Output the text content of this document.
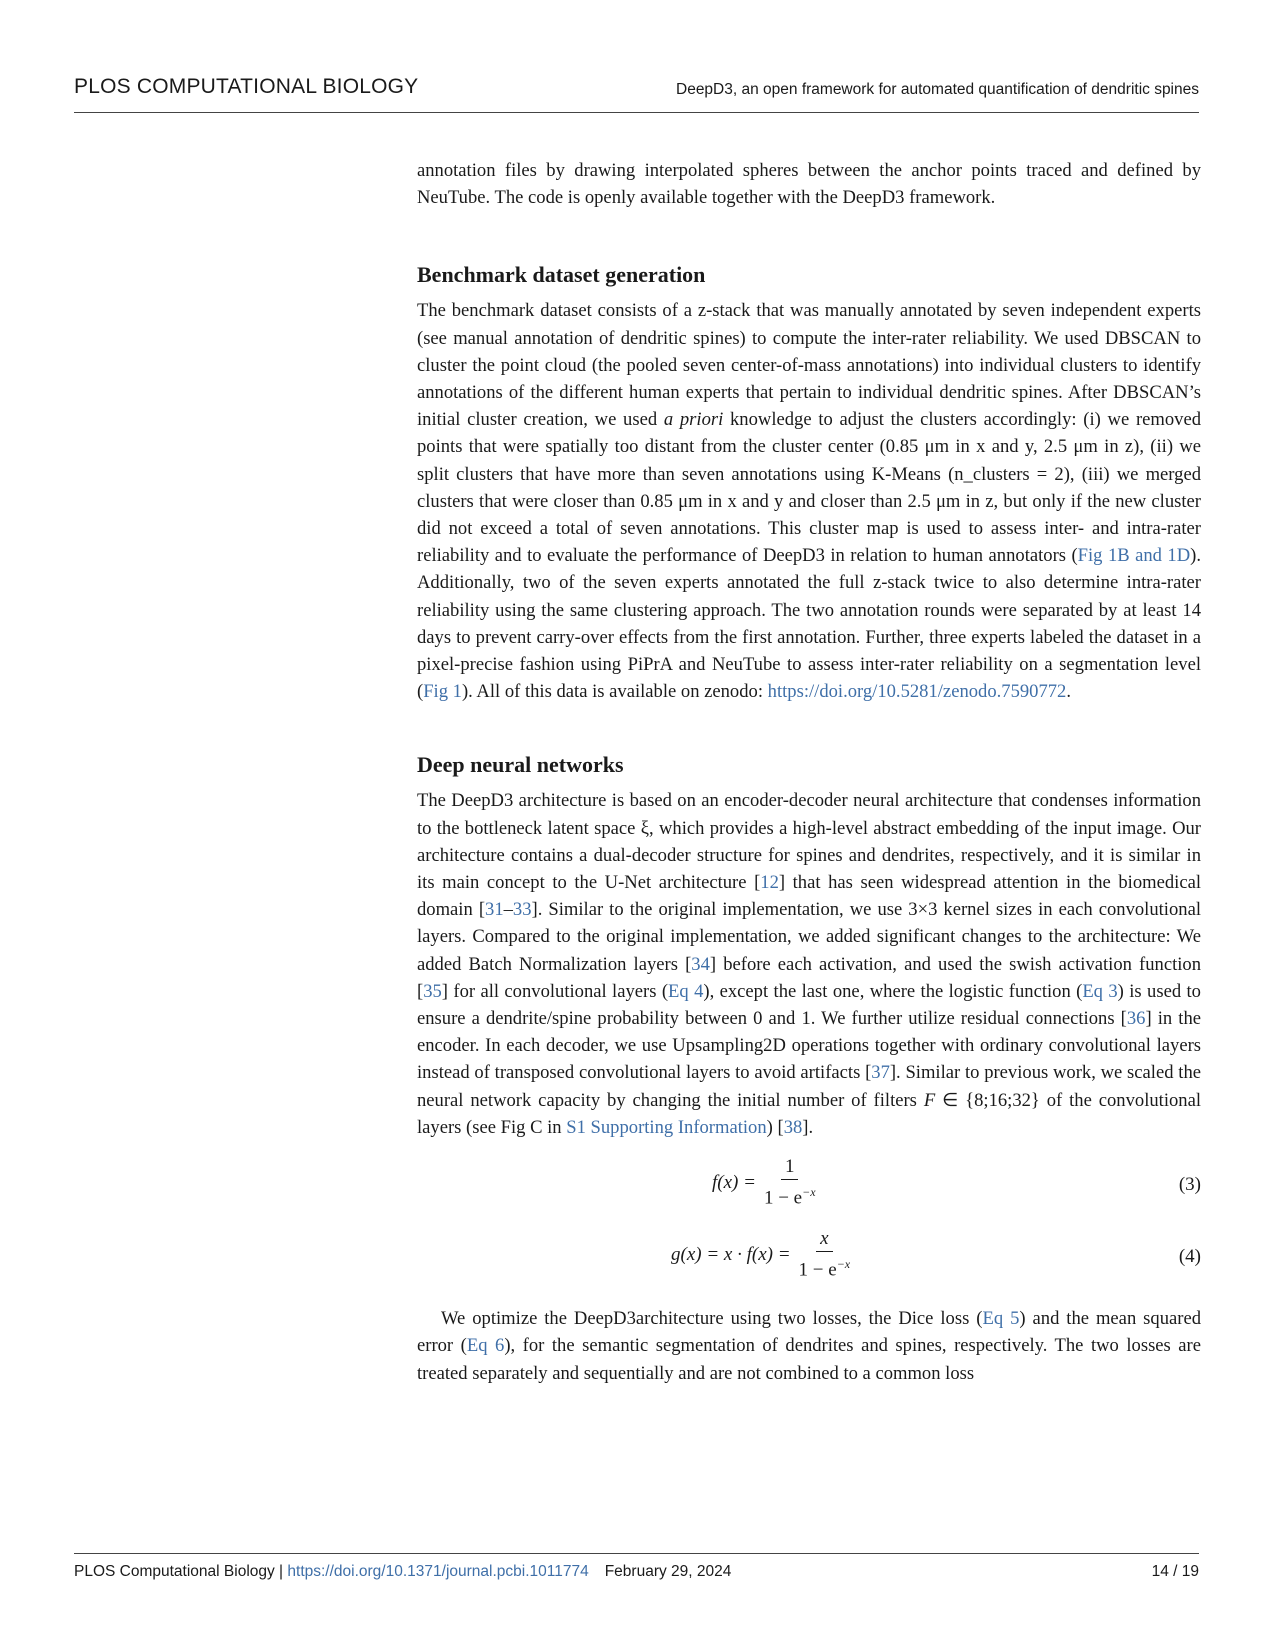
PLOS COMPUTATIONAL BIOLOGY	DeepD3, an open framework for automated quantification of dendritic spines

annotation files by drawing interpolated spheres between the anchor points traced and defined by NeuTube. The code is openly available together with the DeepD3 framework.

Benchmark dataset generation

The benchmark dataset consists of a z-stack that was manually annotated by seven independent experts (see manual annotation of dendritic spines) to compute the inter-rater reliability. We used DBSCAN to cluster the point cloud (the pooled seven center-of-mass annotations) into individual clusters to identify annotations of the different human experts that pertain to individual dendritic spines. After DBSCAN’s initial cluster creation, we used a priori knowledge to adjust the clusters accordingly: (i) we removed points that were spatially too distant from the cluster center (0.85 μm in x and y, 2.5 μm in z), (ii) we split clusters that have more than seven annotations using K-Means (n_clusters = 2), (iii) we merged clusters that were closer than 0.85 μm in x and y and closer than 2.5 μm in z, but only if the new cluster did not exceed a total of seven annotations. This cluster map is used to assess inter- and intra-rater reliability and to evaluate the performance of DeepD3 in relation to human annotators (Fig 1B and 1D). Additionally, two of the seven experts annotated the full z-stack twice to also determine intra-rater reliability using the same clustering approach. The two annotation rounds were separated by at least 14 days to prevent carry-over effects from the first annotation. Further, three experts labeled the dataset in a pixel-precise fashion using PiPrA and NeuTube to assess inter-rater reliability on a segmentation level (Fig 1). All of this data is available on zenodo: https://doi.org/10.5281/zenodo.7590772.

Deep neural networks

The DeepD3 architecture is based on an encoder-decoder neural architecture that condenses information to the bottleneck latent space ξ, which provides a high-level abstract embedding of the input image. Our architecture contains a dual-decoder structure for spines and dendrites, respectively, and it is similar in its main concept to the U-Net architecture [12] that has seen widespread attention in the biomedical domain [31–33]. Similar to the original implementation, we use 3×3 kernel sizes in each convolutional layers. Compared to the original implementation, we added significant changes to the architecture: We added Batch Normalization layers [34] before each activation, and used the swish activation function [35] for all convolutional layers (Eq 4), except the last one, where the logistic function (Eq 3) is used to ensure a dendrite/spine probability between 0 and 1. We further utilize residual connections [36] in the encoder. In each decoder, we use Upsampling2D operations together with ordinary convolutional layers instead of transposed convolutional layers to avoid artifacts [37]. Similar to previous work, we scaled the neural network capacity by changing the initial number of filters F ∈ {8;16;32} of the convolutional layers (see Fig C in S1 Supporting Information) [38].

$f(x) = \frac{1}{1 - e^{-x}}$	(3)
$g(x) = x \cdot f(x) = \frac{x}{1 - e^{-x}}$	(4)

We optimize the DeepD3architecture using two losses, the Dice loss (Eq 5) and the mean squared error (Eq 6), for the semantic segmentation of dendrites and spines, respectively. The two losses are treated separately and sequentially and are not combined to a common loss

PLOS Computational Biology | https://doi.org/10.1371/journal.pcbi.1011774 February 29, 2024	14 / 19
